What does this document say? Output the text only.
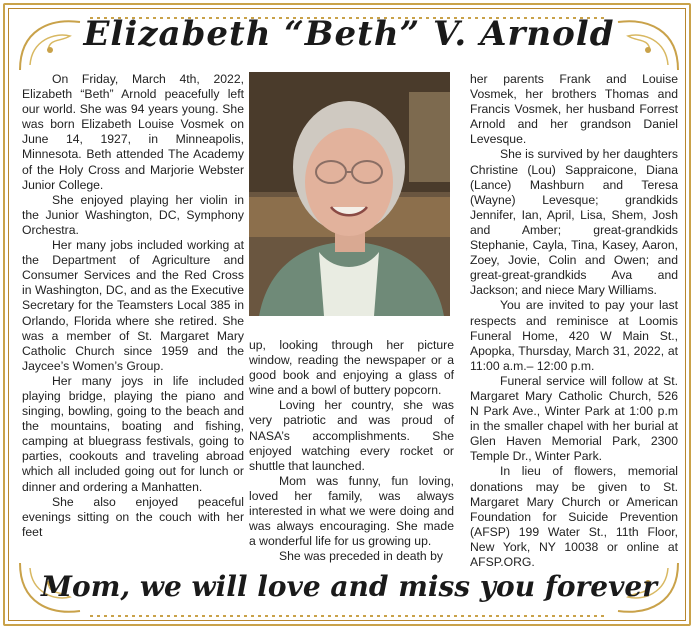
Elizabeth “Beth” V. Arnold

On Friday, March 4th, 2022, Elizabeth “Beth” Arnold peacefully left our world. She was 94 years young. She was born Elizabeth Louise Vosmek on June 14, 1927, in Minneapolis, Minnesota. Beth attended The Academy of the Holy Cross and Marjorie Webster Junior College.

She enjoyed playing her violin in the Junior Washington, DC, Symphony Orchestra.

Her many jobs included working at the Department of Agriculture and Consumer Services and the Red Cross in Washington, DC, and as the Executive Secretary for the Teamsters Local 385 in Orlando, Florida where she retired. She was a member of St. Margaret Mary Catholic Church since 1959 and the Jaycee’s Women’s Group.

Her many joys in life included playing bridge, playing the piano and singing, bowling, going to the beach and the mountains, boating and fishing, camping at bluegrass festivals, going to parties, cookouts and traveling abroad which all included going out for lunch or dinner and ordering a Manhatten.

She also enjoyed peaceful evenings sitting on the couch with her feet

up, looking through her picture window, reading the newspaper or a good book and enjoying a glass of wine and a bowl of buttery popcorn.

Loving her country, she was very patriotic and was proud of NASA’s accomplishments. She enjoyed watching every rocket or shuttle that launched.

Mom was funny, fun loving, loved her family, was always interested in what we were doing and was always encouraging. She made a wonderful life for us growing up.

She was preceded in death by

her parents Frank and Louise Vosmek, her brothers Thomas and Francis Vosmek, her husband Forrest Arnold and her grandson Daniel Levesque.

She is survived by her daughters Christine (Lou) Sappraicone, Diana (Lance) Mashburn and Teresa (Wayne) Levesque; grandkids Jennifer, Ian, April, Lisa, Shem, Josh and Amber; great-grandkids Stephanie, Cayla, Tina, Kasey, Aaron, Zoey, Jovie, Colin and Owen; and great-great-grandkids Ava and Jackson; and niece Mary Williams.

You are invited to pay your last respects and reminisce at Loomis Funeral Home, 420 W Main St., Apopka, Thursday, March 31, 2022, at 11:00 a.m.– 12:00 p.m.

Funeral service will follow at St. Margaret Mary Catholic Church, 526 N Park Ave., Winter Park at 1:00 p.m in the smaller chapel with her burial at Glen Haven Memorial Park, 2300 Temple Dr., Winter Park.

In lieu of flowers, memorial donations may be given to St. Margaret Mary Church or American Foundation for Suicide Prevention (AFSP) 199 Water St., 11th Floor, New York, NY 10038 or online at AFSP.ORG.

Mom, we will love and miss you forever
